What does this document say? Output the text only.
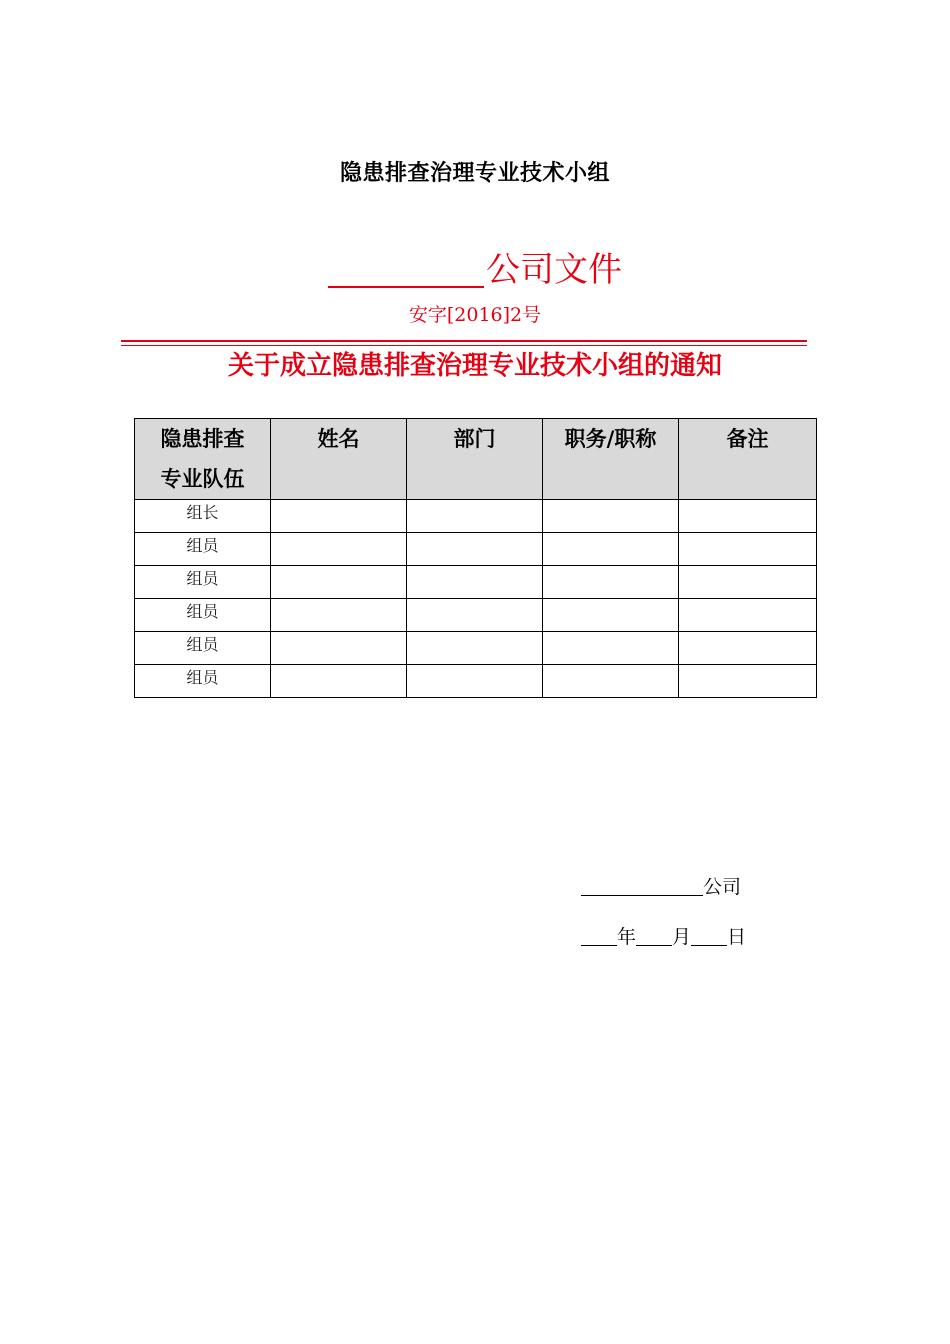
隐患排查治理专业技术小组
公司文件
安字[2016]2号
关于成立隐患排查治理专业技术小组的通知
隐患排查专业队伍	姓名	部门	职务/职称	备注
组长				
组员				
组员				
组员				
组员				
组员				
公司
年 月 日
